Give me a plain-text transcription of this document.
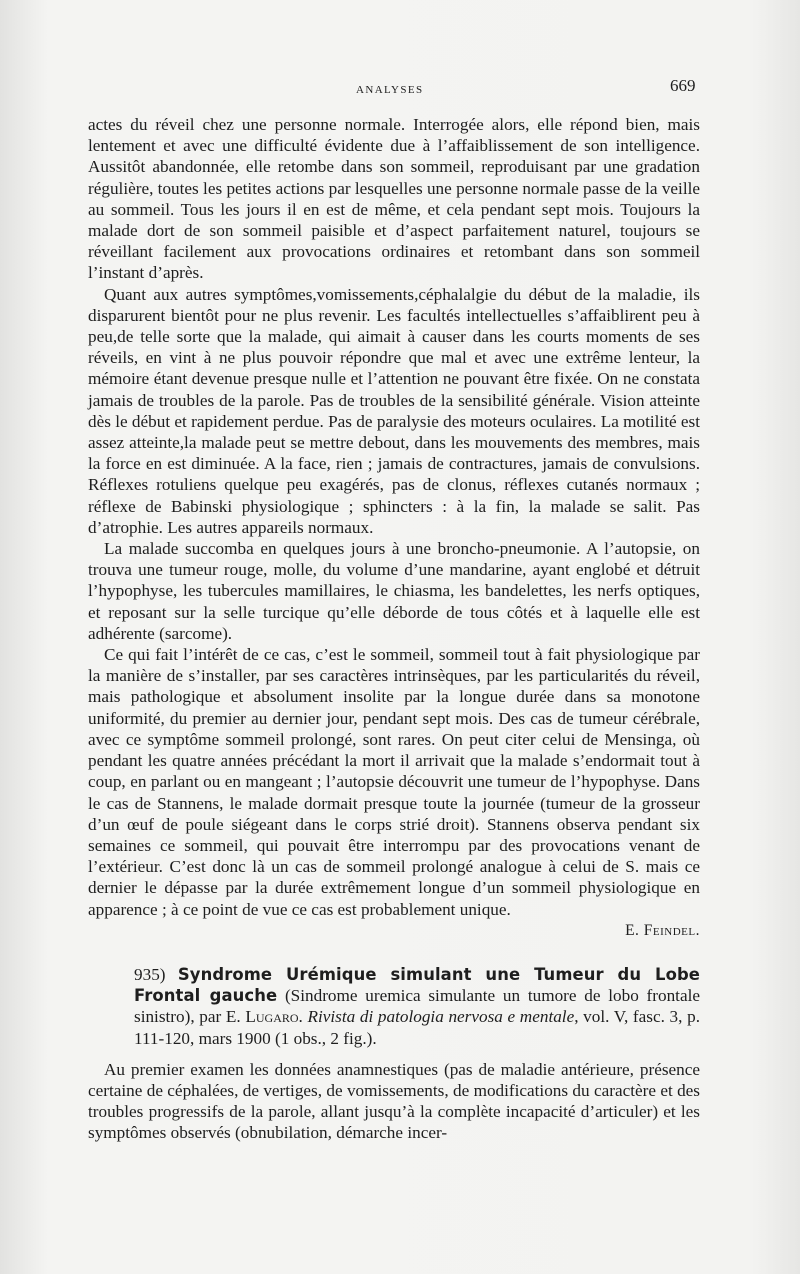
ANALYSES	669

actes du réveil chez une personne normale. Interrogée alors, elle répond bien, mais lentement et avec une difficulté évidente due à l’affaiblissement de son intelligence. Aussitôt abandonnée, elle retombe dans son sommeil, reproduisant par une gradation régulière, toutes les petites actions par lesquelles une personne normale passe de la veille au sommeil. Tous les jours il en est de même, et cela pendant sept mois. Toujours la malade dort de son sommeil paisible et d’aspect parfaitement naturel, toujours se réveillant facilement aux provocations ordinaires et retombant dans son sommeil l’instant d’après.

Quant aux autres symptômes,vomissements,céphalalgie du début de la maladie, ils disparurent bientôt pour ne plus revenir. Les facultés intellectuelles s’affaiblirent peu à peu,de telle sorte que la malade, qui aimait à causer dans les courts moments de ses réveils, en vint à ne plus pouvoir répondre que mal et avec une extrême lenteur, la mémoire étant devenue presque nulle et l’attention ne pouvant être fixée. On ne constata jamais de troubles de la parole. Pas de troubles de la sensibilité générale. Vision atteinte dès le début et rapidement perdue. Pas de paralysie des moteurs oculaires. La motilité est assez atteinte,la malade peut se mettre debout, dans les mouvements des membres, mais la force en est diminuée. A la face, rien ; jamais de contractures, jamais de convulsions. Réflexes rotuliens quelque peu exagérés, pas de clonus, réflexes cutanés normaux ; réflexe de Babinski physiologique ; sphincters : à la fin, la malade se salit. Pas d’atrophie. Les autres appareils normaux.

La malade succomba en quelques jours à une broncho-pneumonie. A l’autopsie, on trouva une tumeur rouge, molle, du volume d’une mandarine, ayant englobé et détruit l’hypophyse, les tubercules mamillaires, le chiasma, les bandelettes, les nerfs optiques, et reposant sur la selle turcique qu’elle déborde de tous côtés et à laquelle elle est adhérente (sarcome).

Ce qui fait l’intérêt de ce cas, c’est le sommeil, sommeil tout à fait physiologique par la manière de s’installer, par ses caractères intrinsèques, par les particularités du réveil, mais pathologique et absolument insolite par la longue durée dans sa monotone uniformité, du premier au dernier jour, pendant sept mois. Des cas de tumeur cérébrale, avec ce symptôme sommeil prolongé, sont rares. On peut citer celui de Mensinga, où pendant les quatre années précédant la mort il arrivait que la malade s’endormait tout à coup, en parlant ou en mangeant ; l’autopsie découvrit une tumeur de l’hypophyse. Dans le cas de Stannens, le malade dormait presque toute la journée (tumeur de la grosseur d’un œuf de poule siégeant dans le corps strié droit). Stannens observa pendant six semaines ce sommeil, qui pouvait être interrompu par des provocations venant de l’extérieur. C’est donc là un cas de sommeil prolongé analogue à celui de S. mais ce dernier le dépasse par la durée extrêmement longue d’un sommeil physiologique en apparence ; à ce point de vue ce cas est probablement unique.

E. Feindel.

935) Syndrome Urémique simulant une Tumeur du Lobe Frontal gauche (Sindrome uremica simulante un tumore de lobo frontale sinistro), par E. Lugaro. Rivista di patologia nervosa e mentale, vol. V, fasc. 3, p. 111-120, mars 1900 (1 obs., 2 fig.).

Au premier examen les données anamnestiques (pas de maladie antérieure, présence certaine de céphalées, de vertiges, de vomissements, de modifications du caractère et des troubles progressifs de la parole, allant jusqu’à la complète incapacité d’articuler) et les symptômes observés (obnubilation, démarche incer-
